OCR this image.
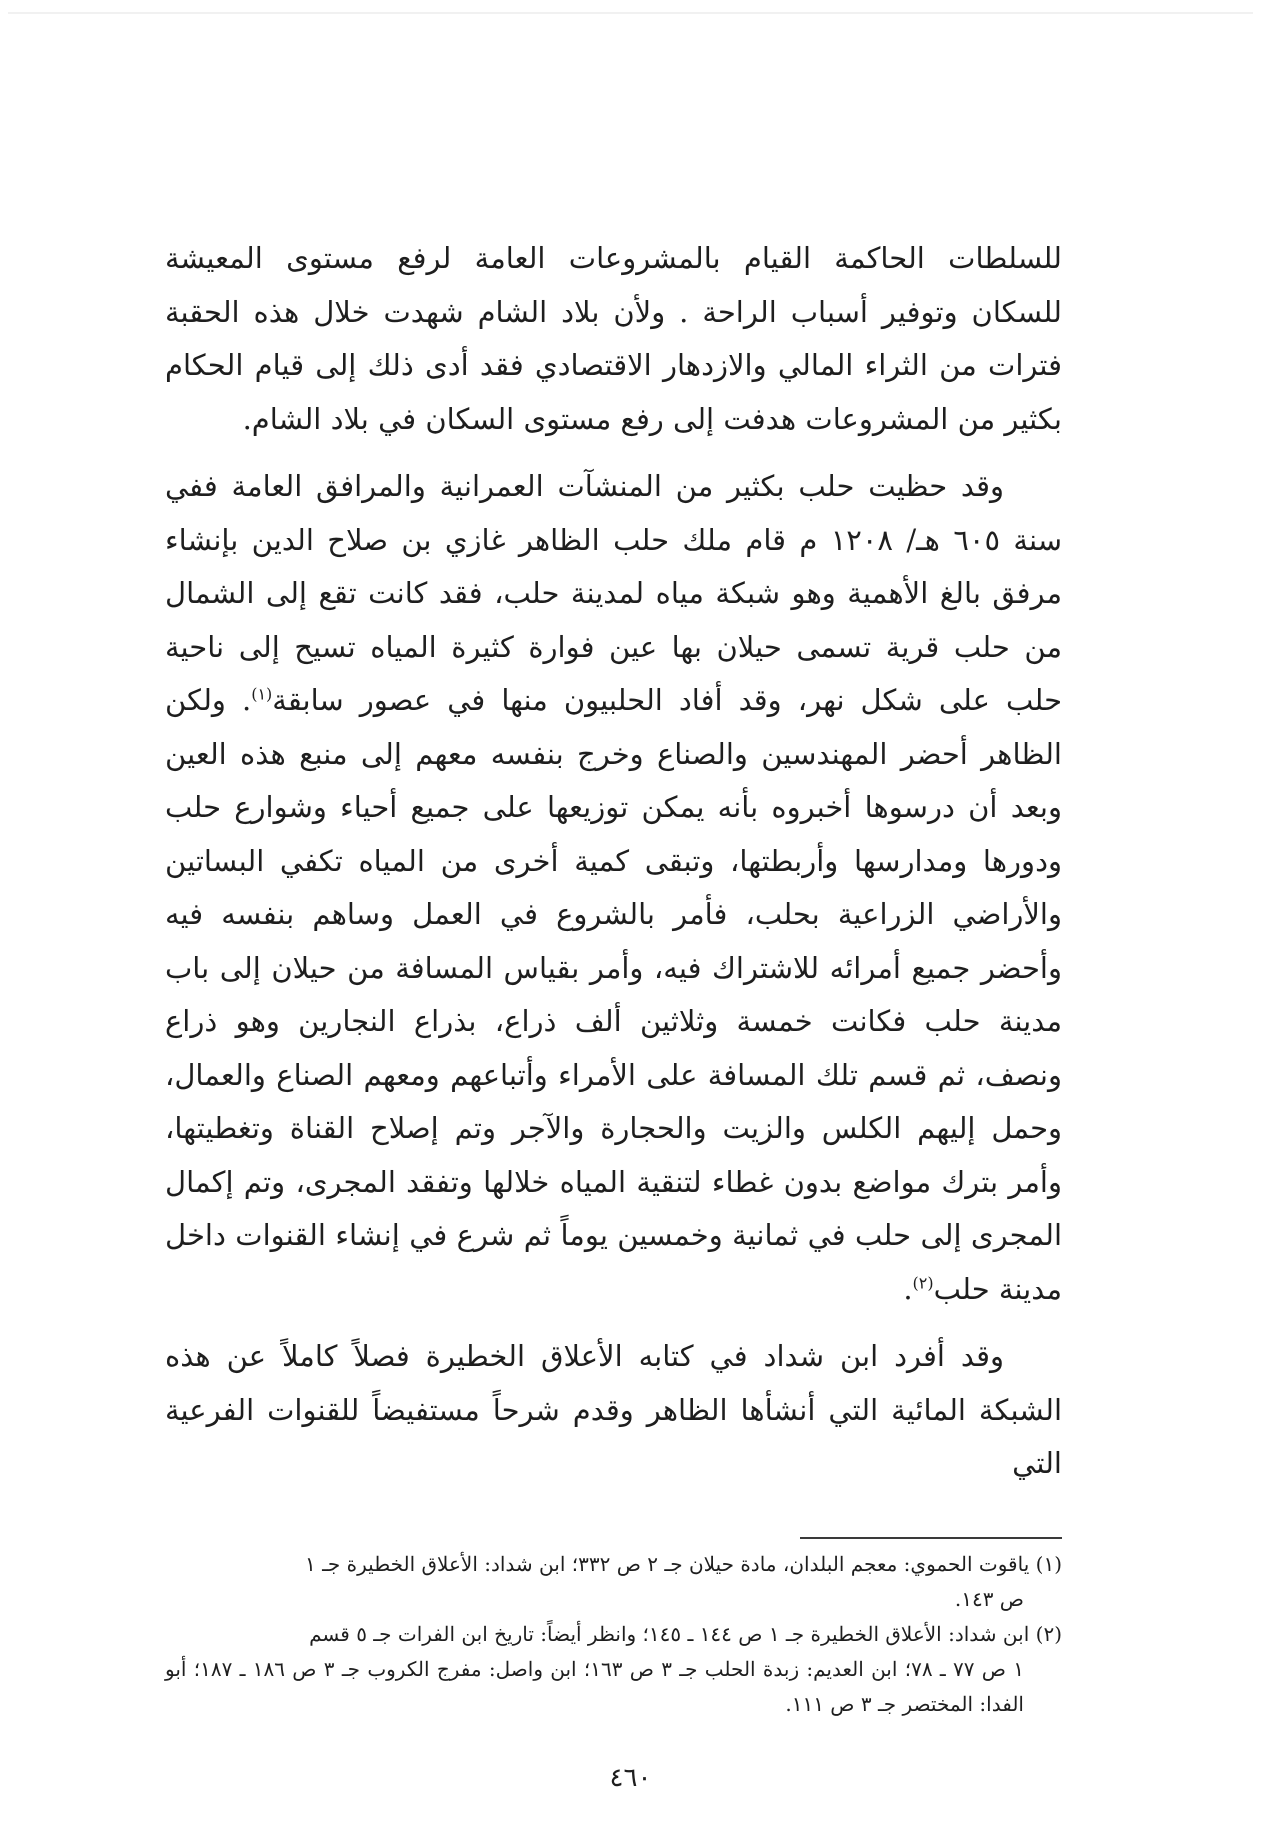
للسلطات الحاكمة القيام بالمشروعات العامة لرفع مستوى المعيشة للسكان وتوفير أسباب الراحة . ولأن بلاد الشام شهدت خلال هذه الحقبة فترات من الثراء المالي والازدهار الاقتصادي فقد أدى ذلك إلى قيام الحكام بكثير من المشروعات هدفت إلى رفع مستوى السكان في بلاد الشام.

وقد حظيت حلب بكثير من المنشآت العمرانية والمرافق العامة ففي سنة ٦٠٥ هـ/ ١٢٠٨ م قام ملك حلب الظاهر غازي بن صلاح الدين بإنشاء مرفق بالغ الأهمية وهو شبكة مياه لمدينة حلب، فقد كانت تقع إلى الشمال من حلب قرية تسمى حيلان بها عين فوارة كثيرة المياه تسيح إلى ناحية حلب على شكل نهر، وقد أفاد الحلبيون منها في عصور سابقة$^{(١)}$. ولكن الظاهر أحضر المهندسين والصناع وخرج بنفسه معهم إلى منبع هذه العين وبعد أن درسوها أخبروه بأنه يمكن توزيعها على جميع أحياء وشوارع حلب ودورها ومدارسها وأربطتها، وتبقى كمية أخرى من المياه تكفي البساتين والأراضي الزراعية بحلب، فأمر بالشروع في العمل وساهم بنفسه فيه وأحضر جميع أمرائه للاشتراك فيه، وأمر بقياس المسافة من حيلان إلى باب مدينة حلب فكانت خمسة وثلاثين ألف ذراع، بذراع النجارين وهو ذراع ونصف، ثم قسم تلك المسافة على الأمراء وأتباعهم ومعهم الصناع والعمال، وحمل إليهم الكلس والزيت والحجارة والآجر وتم إصلاح القناة وتغطيتها، وأمر بترك مواضع بدون غطاء لتنقية المياه خلالها وتفقد المجرى، وتم إكمال المجرى إلى حلب في ثمانية وخمسين يوماً ثم شرع في إنشاء القنوات داخل مدينة حلب$^{(٢)}$.

وقد أفرد ابن شداد في كتابه الأعلاق الخطيرة فصلاً كاملاً عن هذه الشبكة المائية التي أنشأها الظاهر وقدم شرحاً مستفيضاً للقنوات الفرعية التي

(١) ياقوت الحموي: معجم البلدان، مادة حيلان جـ ٢ ص ٣٣٢؛ ابن شداد: الأعلاق الخطيرة جـ ١
ص ١٤٣.

(٢) ابن شداد: الأعلاق الخطيرة جـ ١ ص ١٤٤ ـ ١٤٥؛ وانظر أيضاً: تاريخ ابن الفرات جـ ٥ قسم
١ ص ٧٧ ـ ٧٨؛ ابن العديم: زبدة الحلب جـ ٣ ص ١٦٣؛ ابن واصل: مفرج الكروب جـ ٣ ص ١٨٦ ـ ١٨٧؛ أبو الفدا: المختصر جـ ٣ ص ١١١.

٤٦٠
